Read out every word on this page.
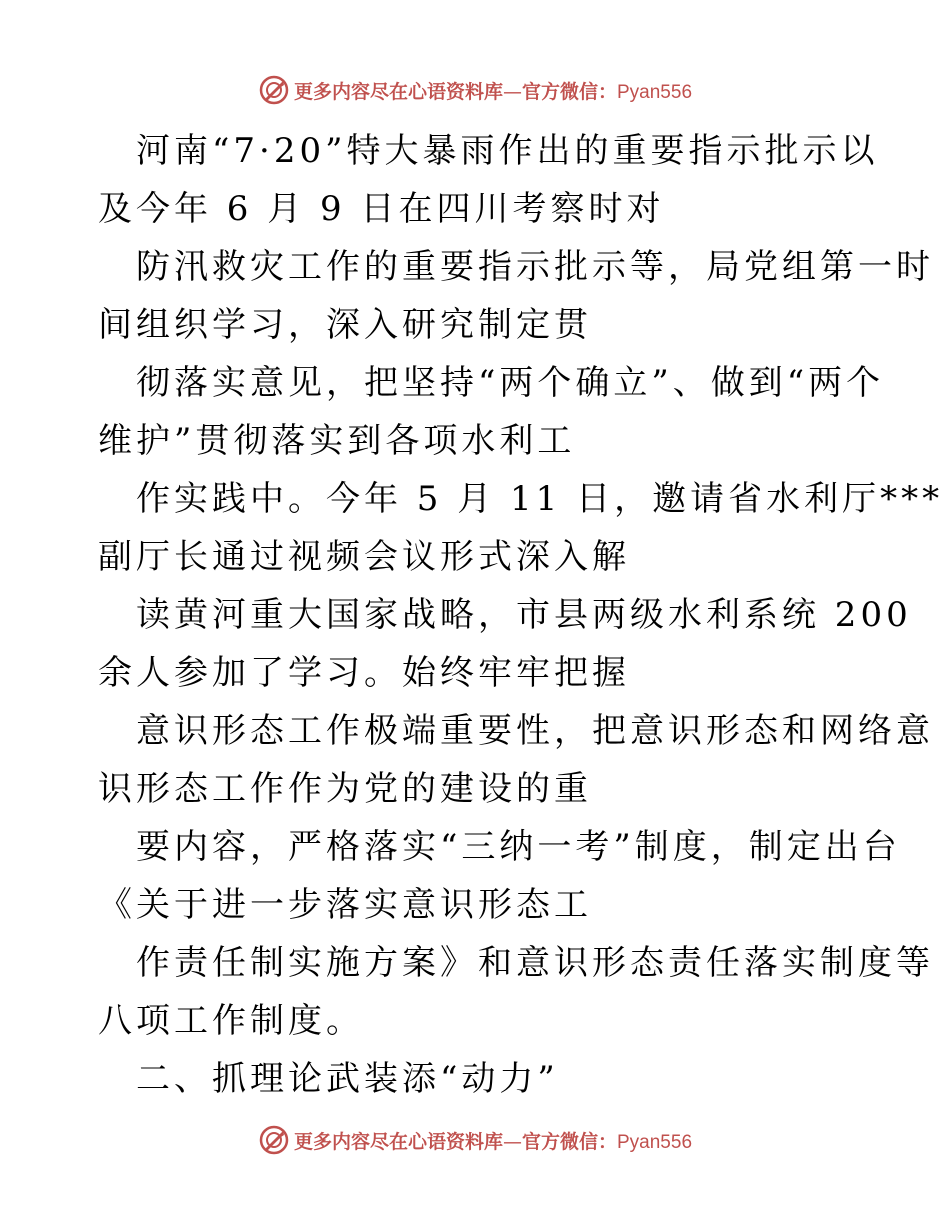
更多内容尽在心语资料库—官方微信：Pyan556
河南“7·20”特大暴雨作出的重要指示批示以
及今年 6 月 9 日在四川考察时对
防汛救灾工作的重要指示批示等，局党组第一时
间组织学习，深入研究制定贯
彻落实意见，把坚持“两个确立”、做到“两个
维护”贯彻落实到各项水利工
作实践中。今年 5 月 11 日，邀请省水利厅***
副厅长通过视频会议形式深入解
读黄河重大国家战略，市县两级水利系统 200
余人参加了学习。始终牢牢把握
意识形态工作极端重要性，把意识形态和网络意
识形态工作作为党的建设的重
要内容，严格落实“三纳一考”制度，制定出台
《关于进一步落实意识形态工
作责任制实施方案》和意识形态责任落实制度等
八项工作制度。
二、抓理论武装添“动力”
更多内容尽在心语资料库—官方微信：Pyan556
